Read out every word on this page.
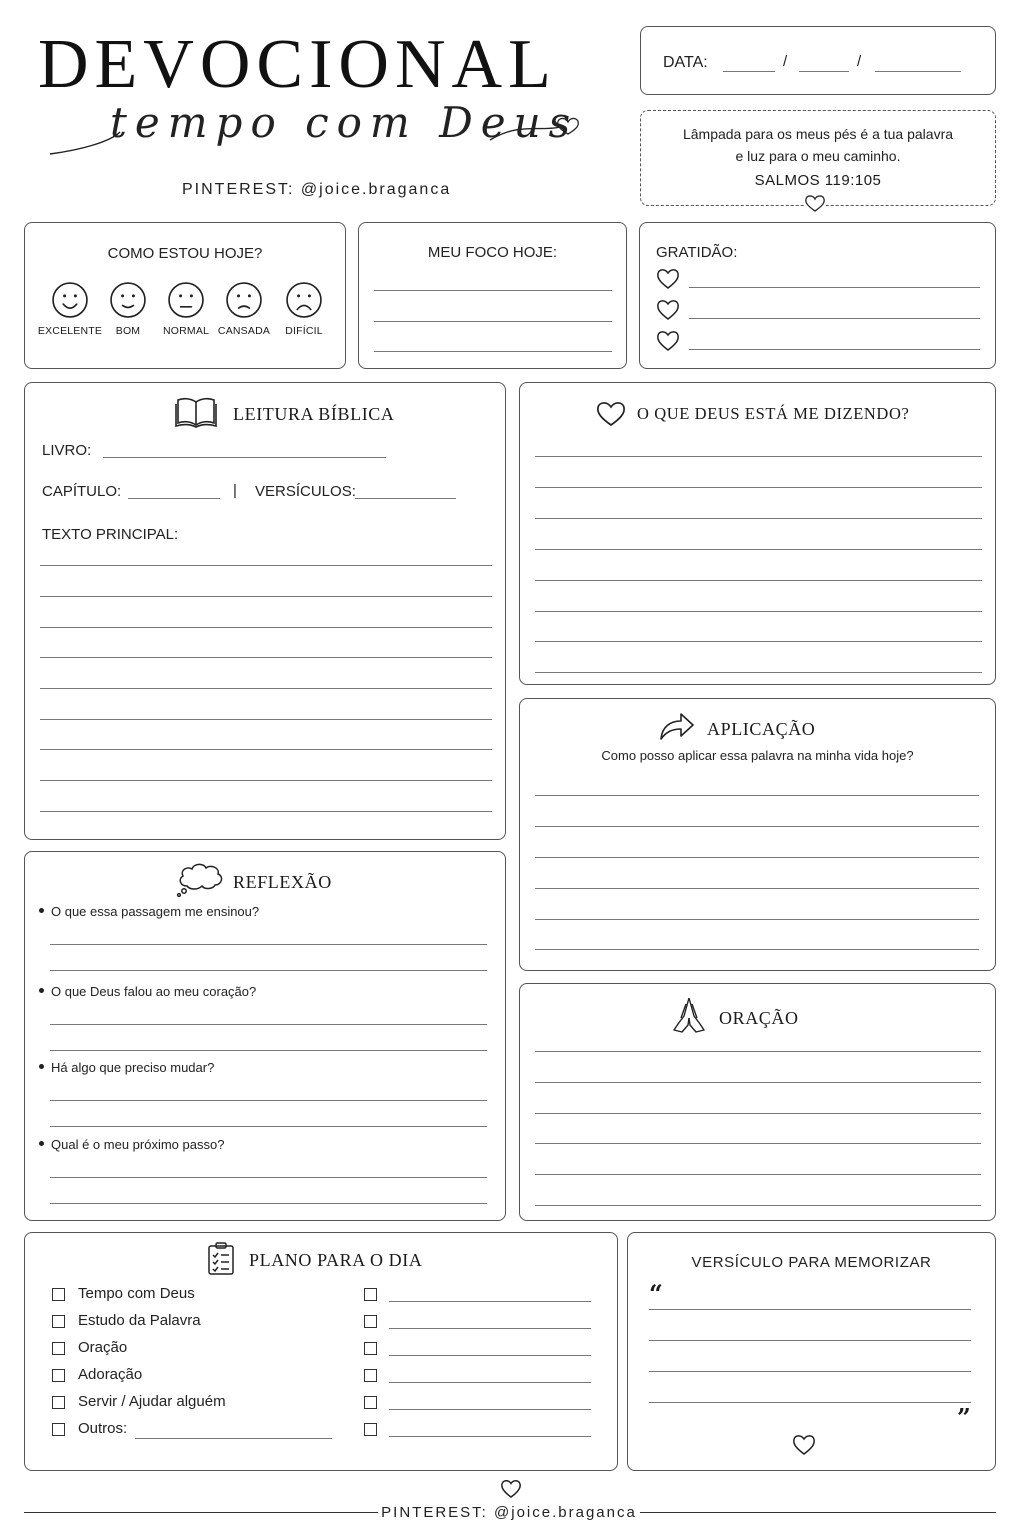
DEVOCIONAL
tempo com Deus
PINTEREST: @joice.braganca
DATA:	/	/
Lâmpada para os meus pés é a tua palavra
e luz para o meu caminho.
SALMOS 119:105
COMO ESTOU HOJE?
EXCELENTE	BOM	NORMAL CANSADA	DIFÍCIL
MEU FOCO HOJE:	GRATIDÃO:
LEITURA BÍBLICA
LIVRO:
CAPÍTULO:	| VERSÍCULOS:
TEXTO PRINCIPAL:
O QUE DEUS ESTÁ ME DIZENDO?
APLICAÇÃO
Como posso aplicar essa palavra na minha vida hoje?
REFLEXÃO
O que essa passagem me ensinou?
O que Deus falou ao meu coração?
Há algo que preciso mudar?
Qual é o meu próximo passo?
ORAÇÃO
PLANO PARA O DIA
Tempo com Deus
Estudo da Palavra
Oração
Adoração
Servir / Ajudar alguém
Outros:
VERSÍCULO PARA MEMORIZAR
“
”
PINTEREST: @joice.braganca
